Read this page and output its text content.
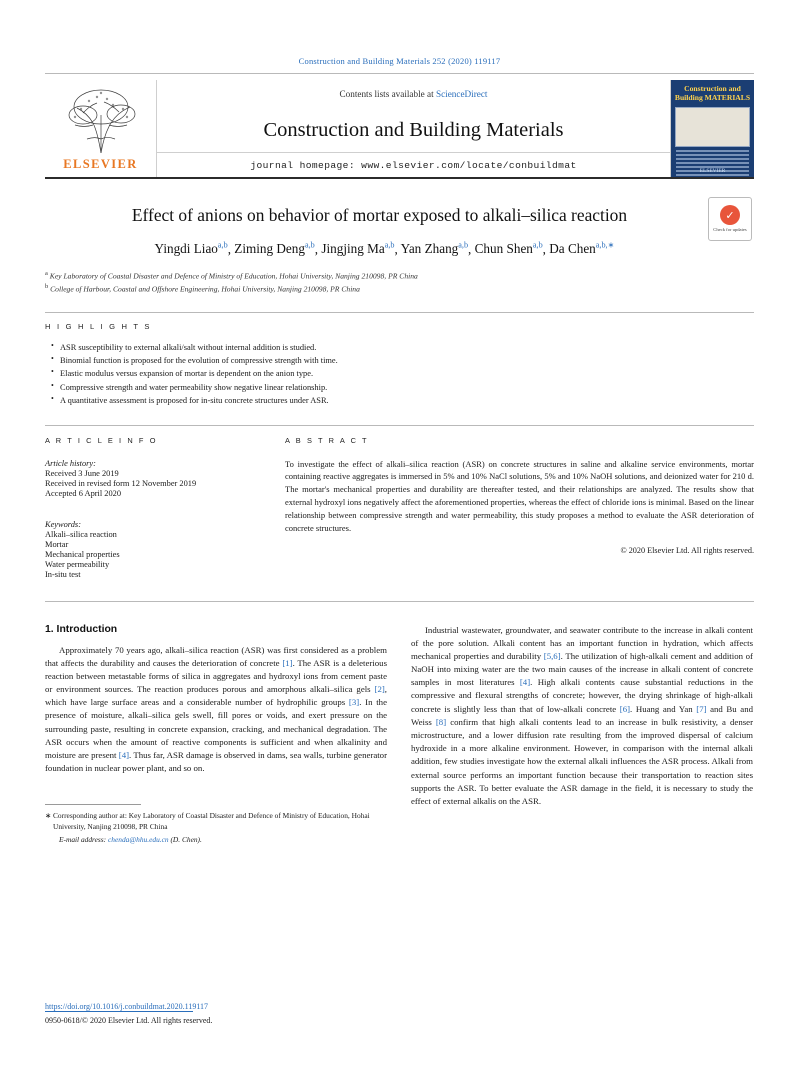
Construction and Building Materials 252 (2020) 119117
ELSEVIER
Contents lists available at ScienceDirect
Construction and Building Materials
journal homepage: www.elsevier.com/locate/conbuildmat
Construction and Building MATERIALS
ELSEVIER
✓
Check for updates
Effect of anions on behavior of mortar exposed to alkali–silica reaction
Yingdi Liao$^{a,b}$, Ziming Deng$^{a,b}$, Jingjing Ma$^{a,b}$, Yan Zhang$^{a,b}$, Chun Shen$^{a,b}$, Da Chen$^{a,b,∗}$
$^a$ Key Laboratory of Coastal Disaster and Defence of Ministry of Education, Hohai University, Nanjing 210098, PR China
$^b$ College of Harbour, Coastal and Offshore Engineering, Hohai University, Nanjing 210098, PR China
H I G H L I G H T S
• ASR susceptibility to external alkali/salt without internal addition is studied.
• Binomial function is proposed for the evolution of compressive strength with time.
• Elastic modulus versus expansion of mortar is dependent on the anion type.
• Compressive strength and water permeability show negative linear relationship.
• A quantitative assessment is proposed for in-situ concrete structures under ASR.
A R T I C L E I N F O
Article history:
Received 3 June 2019
Received in revised form 12 November 2019
Accepted 6 April 2020
Keywords:
Alkali–silica reaction
Mortar
Mechanical properties
Water permeability
In-situ test
A B S T R A C T
To investigate the effect of alkali–silica reaction (ASR) on concrete structures in saline and alkaline service environments, mortar containing reactive aggregates is immersed in 5% and 10% NaCl solutions, 5% and 10% NaOH solutions, and deionized water for 210 d. The mortar's mechanical properties and durability are thereafter tested, and their relationships are analyzed. The results show that external hydroxyl ions negatively affect the aforementioned properties, whereas the effect of chloride ions is minimal. Based on the linear relationship between compressive strength and water permeability, this study proposes a method to evaluate the ASR deterioration of concrete structures.
© 2020 Elsevier Ltd. All rights reserved.
1. Introduction

Approximately 70 years ago, alkali–silica reaction (ASR) was first considered as a problem that affects the durability and causes the deterioration of concrete [1]. The ASR is a deleterious reaction between metastable forms of silica in aggregates and hydroxyl ions from cement paste or environment sources. The reaction produces porous and amorphous alkali–silica gels [2], which have large surface areas and a considerable number of hydrophilic groups [3]. In the presence of moisture, alkali–silica gels swell, fill pores or voids, and exert pressure on the surrounding paste, resulting in concrete expansion, cracking, and mechanical degradation. The ASR occurs when the amount of reactive components is sufficient and when alkalinity and moisture are present [4]. Thus far, ASR damage is observed in dams, sea walls, turbine generator foundation in nuclear power plant, and so on.

∗ Corresponding author at: Key Laboratory of Coastal Disaster and Defence of Ministry of Education, Hohai University, Nanjing 210098, PR China
E-mail address: chenda@hhu.edu.cn (D. Chen).

Industrial wastewater, groundwater, and seawater contribute to the increase in alkali content of the pore solution. Alkali content has an important function in hydration, which affects mechanical properties and durability [5,6]. The utilization of high-alkali cement and addition of NaOH into mixing water are the two main causes of the increase in alkali content of concrete samples in most literatures [4]. High alkali contents cause substantial reductions in the compressive and flexural strengths of concrete; however, the drying shrinkage of high-alkali concrete is slightly less than that of low-alkali concrete [6]. Huang and Yan [7] and Bu and Weiss [8] confirm that high alkali contents lead to an increase in bulk resistivity, a denser microstructure, and a lower diffusion rate resulting from the improved dispersal of calcium hydroxide in a more alkaline environment. However, in comparison with the internal alkali addition, few studies investigate how the external alkali influences the ASR process. Alkali from external source performs an important function because their transportation to reaction sites supports the ASR. To better evaluate the ASR damage in the field, it is necessary to study the effect of external alkalis on the ASR.

https://doi.org/10.1016/j.conbuildmat.2020.119117
0950-0618/© 2020 Elsevier Ltd. All rights reserved.
